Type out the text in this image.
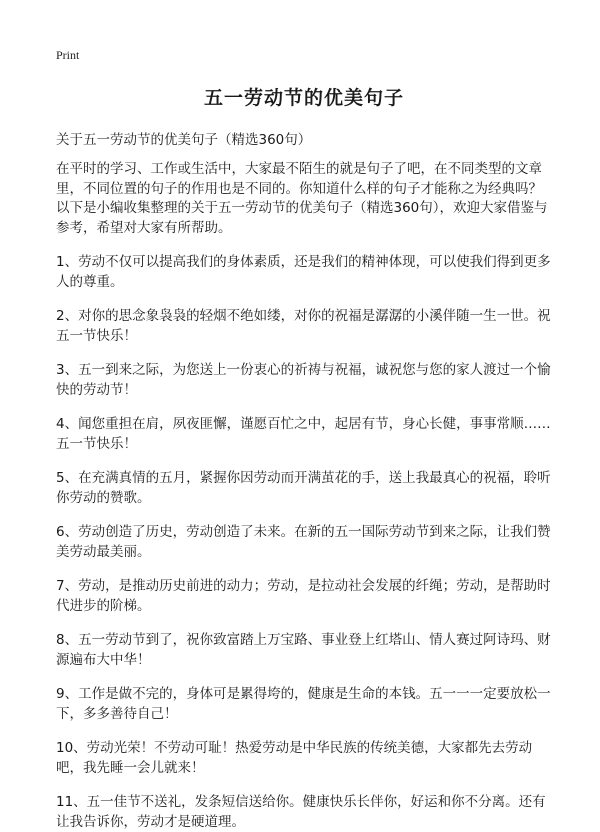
Print
五一劳动节的优美句子

关于五一劳动节的优美句子（精选360句）

在平时的学习、工作或生活中，大家最不陌生的就是句子了吧，在不同类型的文章里，不同位置的句子的作用也是不同的。你知道什么样的句子才能称之为经典吗？以下是小编收集整理的关于五一劳动节的优美句子（精选360句），欢迎大家借鉴与参考，希望对大家有所帮助。

1、劳动不仅可以提高我们的身体素质，还是我们的精神体现，可以使我们得到更多人的尊重。

2、对你的思念象袅袅的轻烟不绝如缕，对你的祝福是潺潺的小溪伴随一生一世。祝五一节快乐！

3、五一到来之际，为您送上一份衷心的祈祷与祝福，诚祝您与您的家人渡过一个愉快的劳动节！

4、闻您重担在肩，夙夜匪懈，谨愿百忙之中，起居有节，身心长健，事事常顺……五一节快乐！

5、在充满真情的五月，紧握你因劳动而开满茧花的手，送上我最真心的祝福，聆听你劳动的赞歌。

6、劳动创造了历史，劳动创造了未来。在新的五一国际劳动节到来之际，让我们赞美劳动最美丽。

7、劳动，是推动历史前进的动力；劳动，是拉动社会发展的纤绳；劳动，是帮助时代进步的阶梯。

8、五一劳动节到了，祝你致富踏上万宝路、事业登上红塔山、情人赛过阿诗玛、财源遍布大中华！

9、工作是做不完的，身体可是累得垮的，健康是生命的本钱。五一一一定要放松一下，多多善待自己！

10、劳动光荣！不劳动可耻！热爱劳动是中华民族的传统美德，大家都先去劳动吧，我先睡一会儿就来！

11、五一佳节不送礼，发条短信送给你。健康快乐长伴你，好运和你不分离。还有让我告诉你，劳动才是硬道理。
